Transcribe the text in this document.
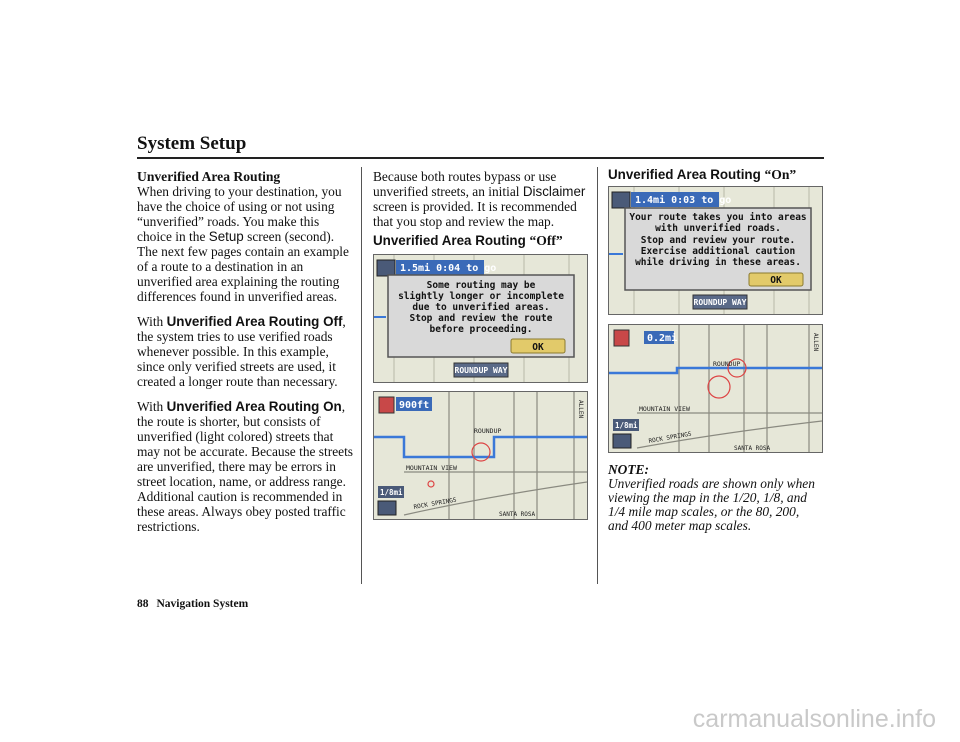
System Setup

Unverified Area Routing
When driving to your destination, you
have the choice of using or not using
“unverified” roads. You make this
choice in the Setup screen (second).
The next few pages contain an example
of a route to a destination in an
unverified area explaining the routing
differences found in unverified areas.

With Unverified Area Routing Off,
the system tries to use verified roads
whenever possible. In this example,
since only verified streets are used, it
created a longer route than necessary.

With Unverified Area Routing On,
the route is shorter, but consists of
unverified (light colored) streets that
may not be accurate. Because the streets
are unverified, there may be errors in
street location, name, or address range.
Additional caution is recommended in
these areas. Always obey posted traffic
restrictions.

Because both routes bypass or use
unverified streets, an initial Disclaimer
screen is provided. It is recommended
that you stop and review the map.
Unverified Area Routing “Off”
Unverified Area Routing “On”
NOTE:
Unverified roads are shown only when
viewing the map in the 1/20, 1/8, and
1/4 mile map scales, or the 80, 200,
and 400 meter map scales.
1.5mi 0:04 to go
Some routing may be
slightly longer or incomplete
due to unverified areas.
Stop and review the route
before proceeding.
OK
ROUNDUP WAY
900ft
ROUNDUP
MOUNTAIN VIEW
ROCK SPRINGS
SANTA ROSA
ALLEN
1/8mi
1.4mi 0:03 to go
Your route takes you into areas
with unverified roads.
Stop and review your route.
Exercise additional caution
while driving in these areas.
OK
ROUNDUP WAY
0.2mi
ROUNDUP
MOUNTAIN VIEW
ROCK SPRINGS
SANTA ROSA
ALLEN
1/8mi
88 Navigation System
carmanualsonline.info
